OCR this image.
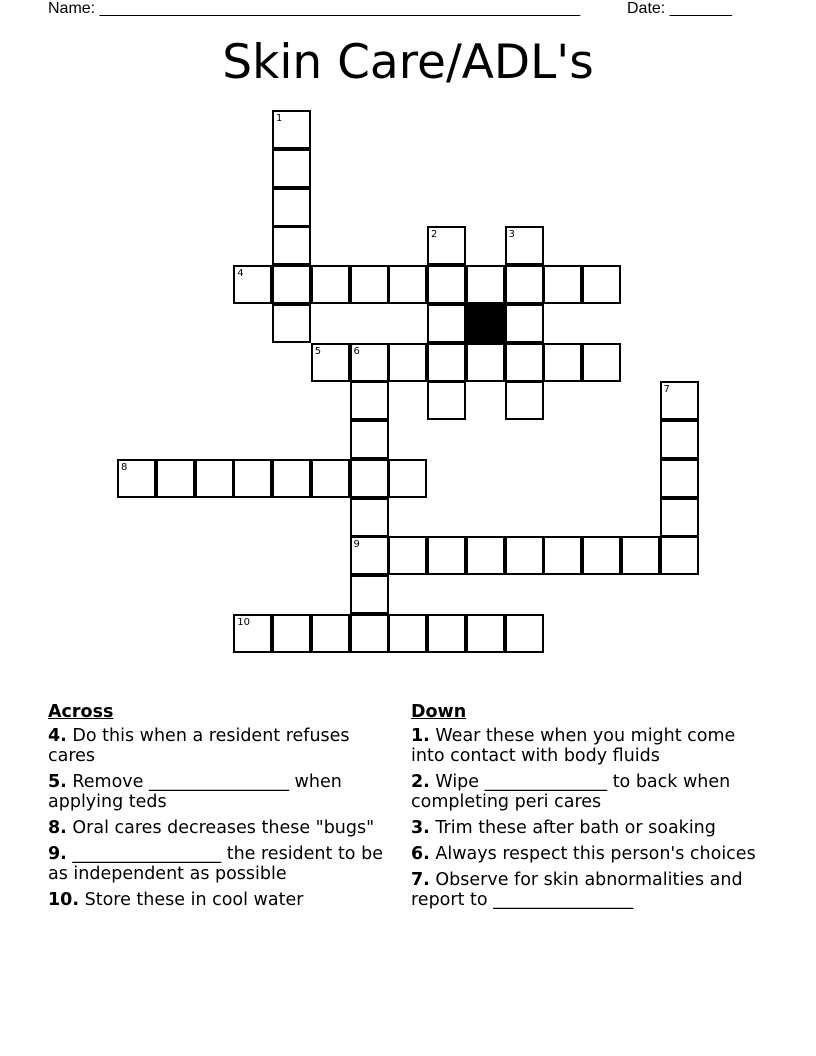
Name: ______________________________________________________	Date: _______
Skin Care/ADL's
1
2	3
4
5	6
7
8
9
10
Across
4. Do this when a resident refuses cares
5. Remove ________________ when applying teds
8. Oral cares decreases these "bugs"
9. _________________ the resident to be as independent as possible
10. Store these in cool water
Down
1. Wear these when you might come into contact with body fluids
2. Wipe ______________ to back when completing peri cares
3. Trim these after bath or soaking
6. Always respect this person's choices
7. Observe for skin abnormalities and report to ________________
